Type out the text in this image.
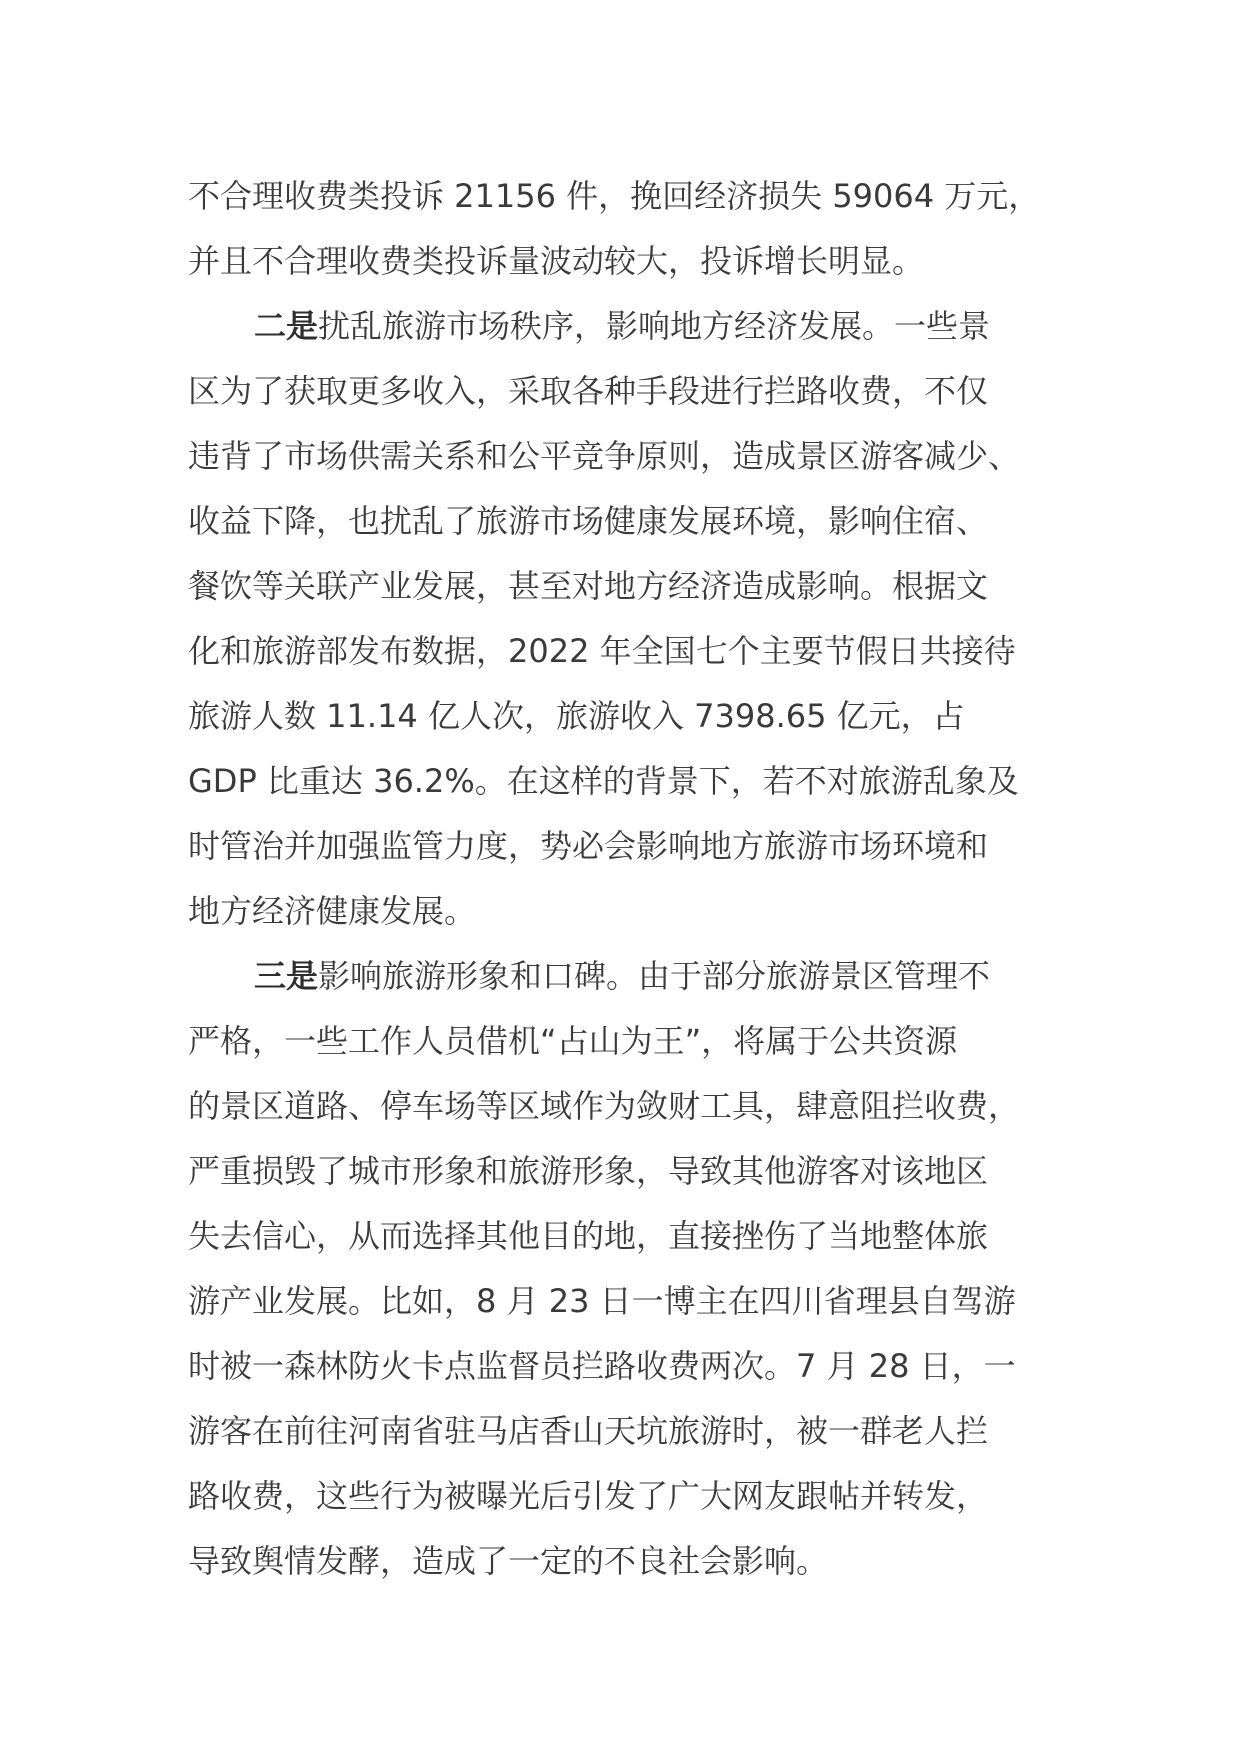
不合理收费类投诉 21156 件，挽回经济损失 59064 万元，
并且不合理收费类投诉量波动较大，投诉增长明显。
二是扰乱旅游市场秩序，影响地方经济发展。一些景
区为了获取更多收入，采取各种手段进行拦路收费，不仅
违背了市场供需关系和公平竞争原则，造成景区游客减少、
收益下降，也扰乱了旅游市场健康发展环境，影响住宿、
餐饮等关联产业发展，甚至对地方经济造成影响。根据文
化和旅游部发布数据，2022 年全国七个主要节假日共接待
旅游人数 11.14 亿人次，旅游收入 7398.65 亿元，占
GDP 比重达 36.2%。在这样的背景下，若不对旅游乱象及
时管治并加强监管力度，势必会影响地方旅游市场环境和
地方经济健康发展。
三是影响旅游形象和口碑。由于部分旅游景区管理不
严格，一些工作人员借机“占山为王”，将属于公共资源
的景区道路、停车场等区域作为敛财工具，肆意阻拦收费，
严重损毁了城市形象和旅游形象，导致其他游客对该地区
失去信心，从而选择其他目的地，直接挫伤了当地整体旅
游产业发展。比如，8 月 23 日一博主在四川省理县自驾游
时被一森林防火卡点监督员拦路收费两次。7 月 28 日，一
游客在前往河南省驻马店香山天坑旅游时，被一群老人拦
路收费，这些行为被曝光后引发了广大网友跟帖并转发，
导致舆情发酵，造成了一定的不良社会影响。
